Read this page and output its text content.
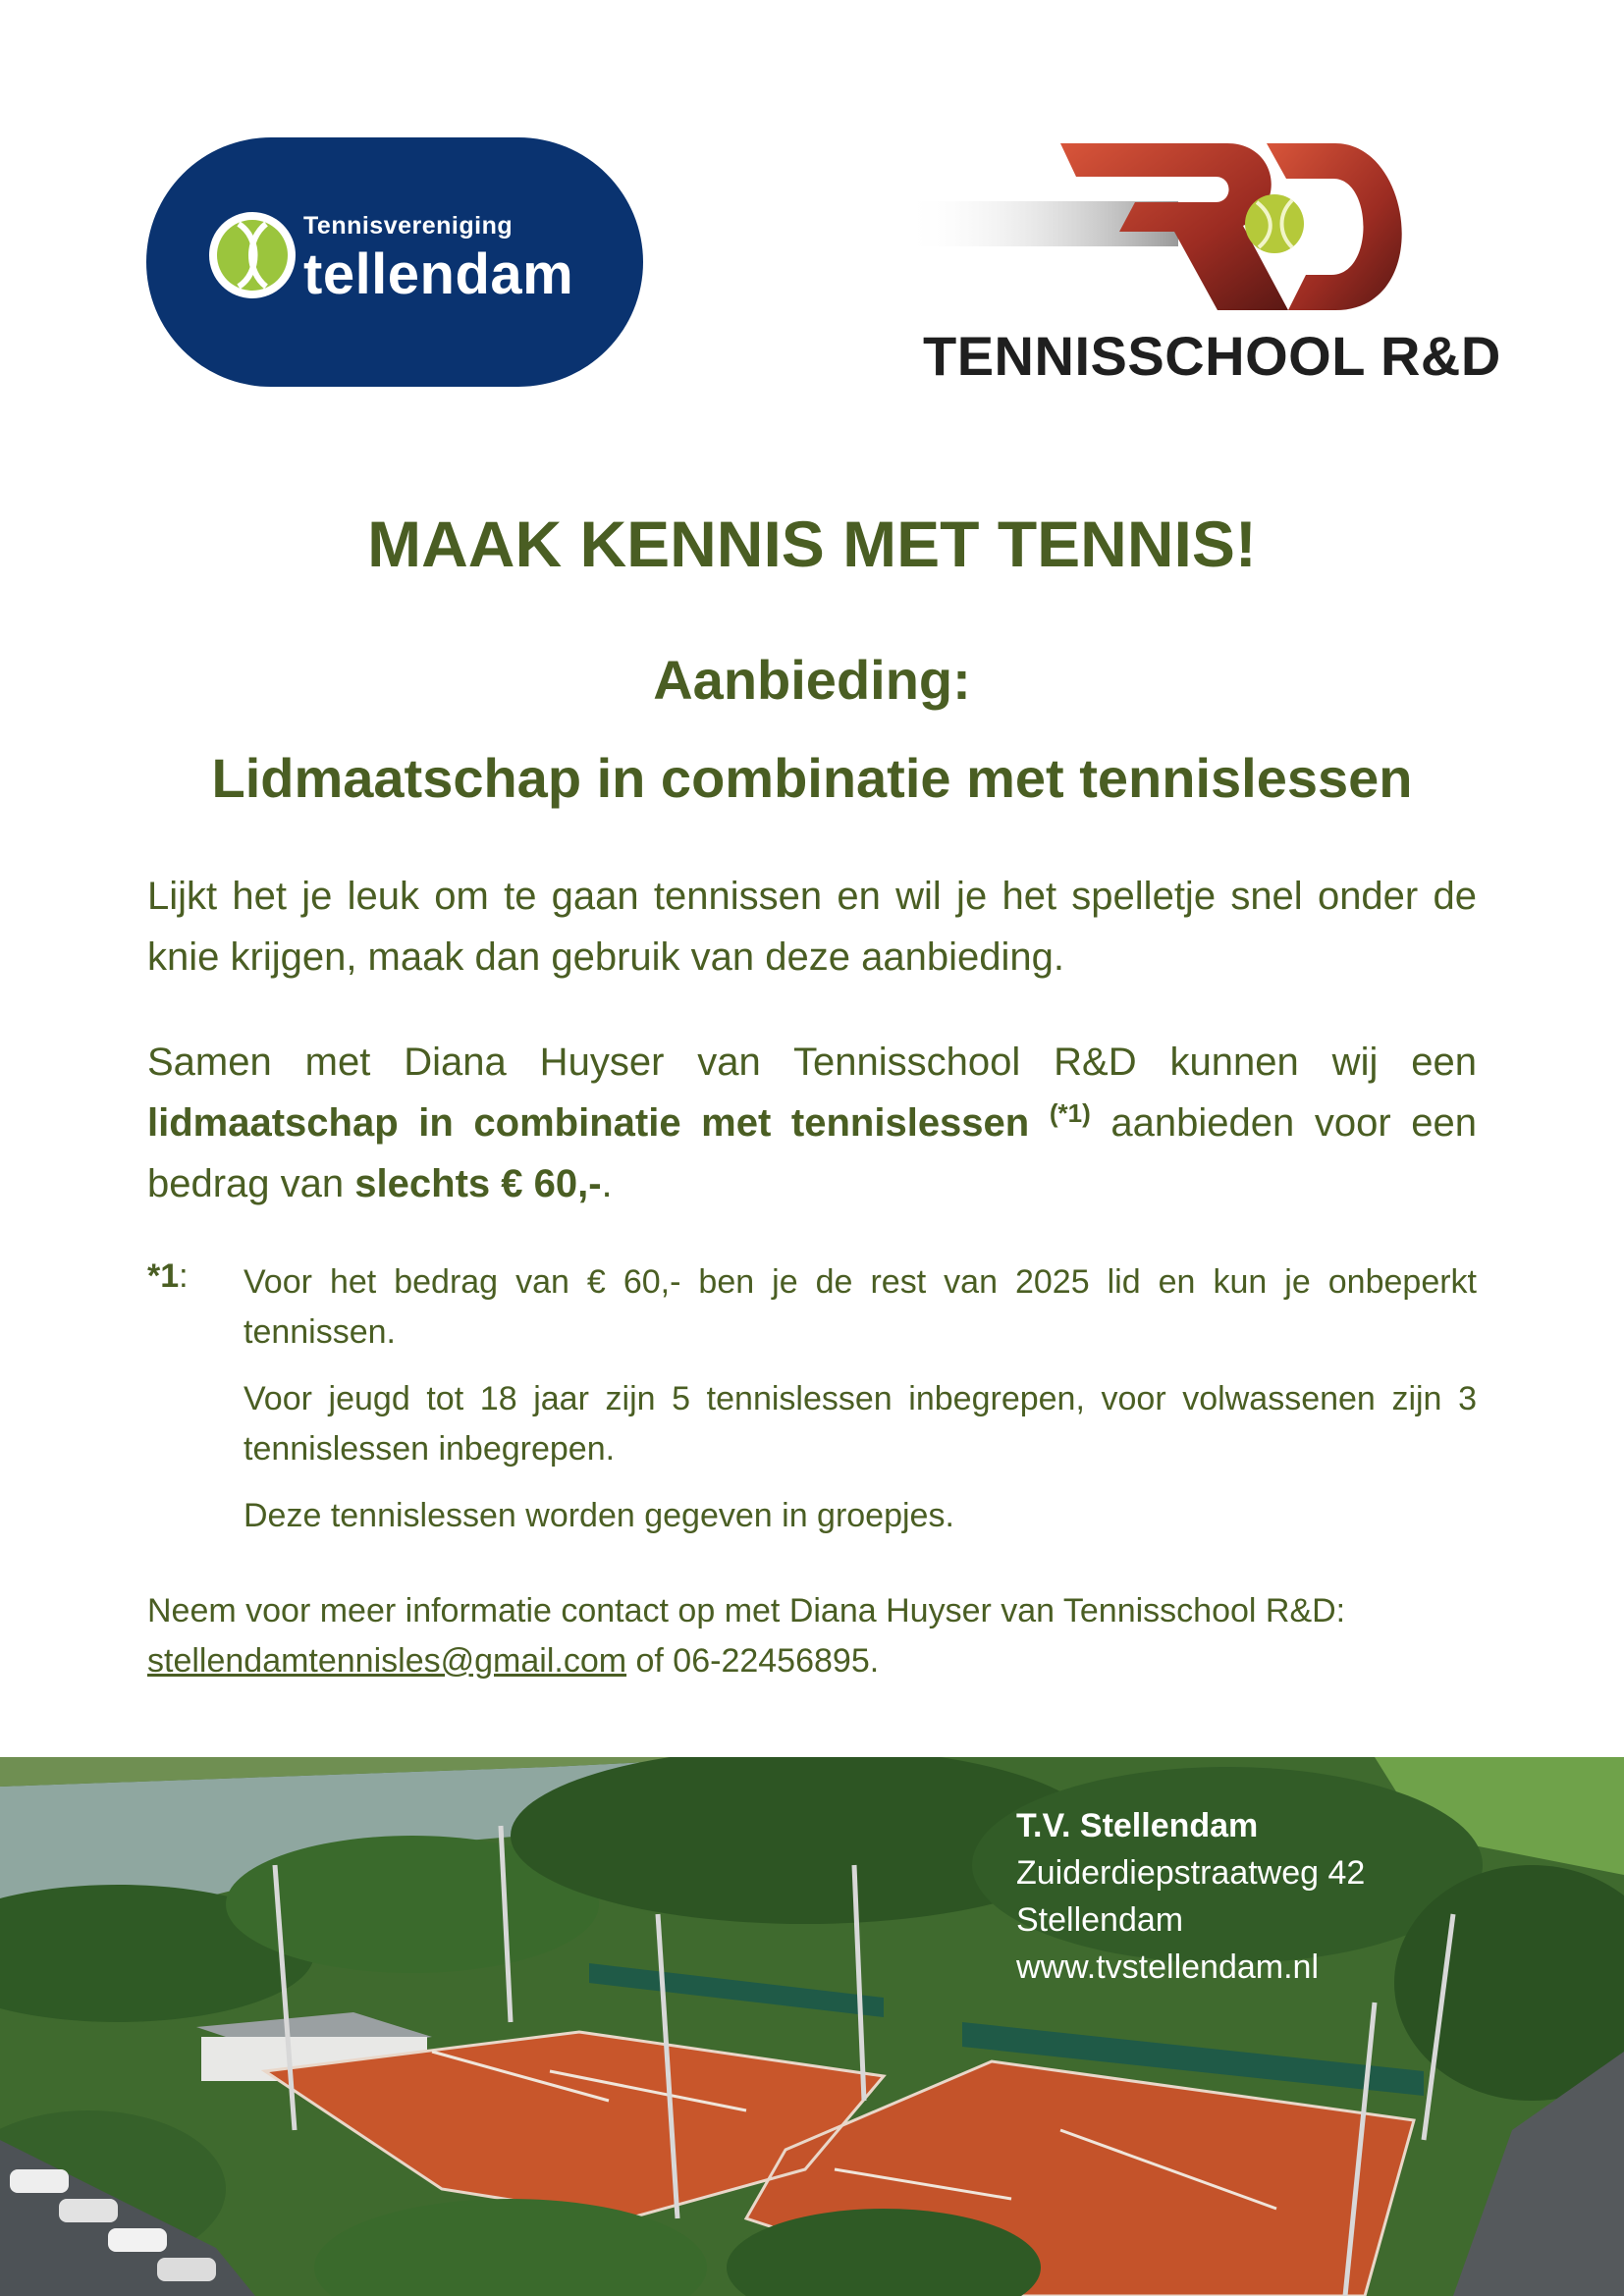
Tennisvereniging
tellendam
TENNISSCHOOL R&D
MAAK KENNIS MET TENNIS!
Aanbieding:
Lidmaatschap in combinatie met tennislessen

Lijkt het je leuk om te gaan tennissen en wil je het spelletje snel onder de knie krijgen, maak dan gebruik van deze aanbieding.

Samen met Diana Huyser van Tennisschool R&D kunnen wij een lidmaatschap in combinatie met tennislessen $^{(*1)}$ aanbieden voor een bedrag van slechts € 60,-.

*1: Voor het bedrag van € 60,- ben je de rest van 2025 lid en kun je onbeperkt tennissen.

Voor jeugd tot 18 jaar zijn 5 tennislessen inbegrepen, voor volwassenen zijn 3 tennislessen inbegrepen.

Deze tennislessen worden gegeven in groepjes.

Neem voor meer informatie contact op met Diana Huyser van Tennisschool R&D:
stellendamtennisles@gmail.com of 06-22456895.

T.V. Stellendam
Zuiderdiepstraatweg 42
Stellendam
www.tvstellendam.nl
